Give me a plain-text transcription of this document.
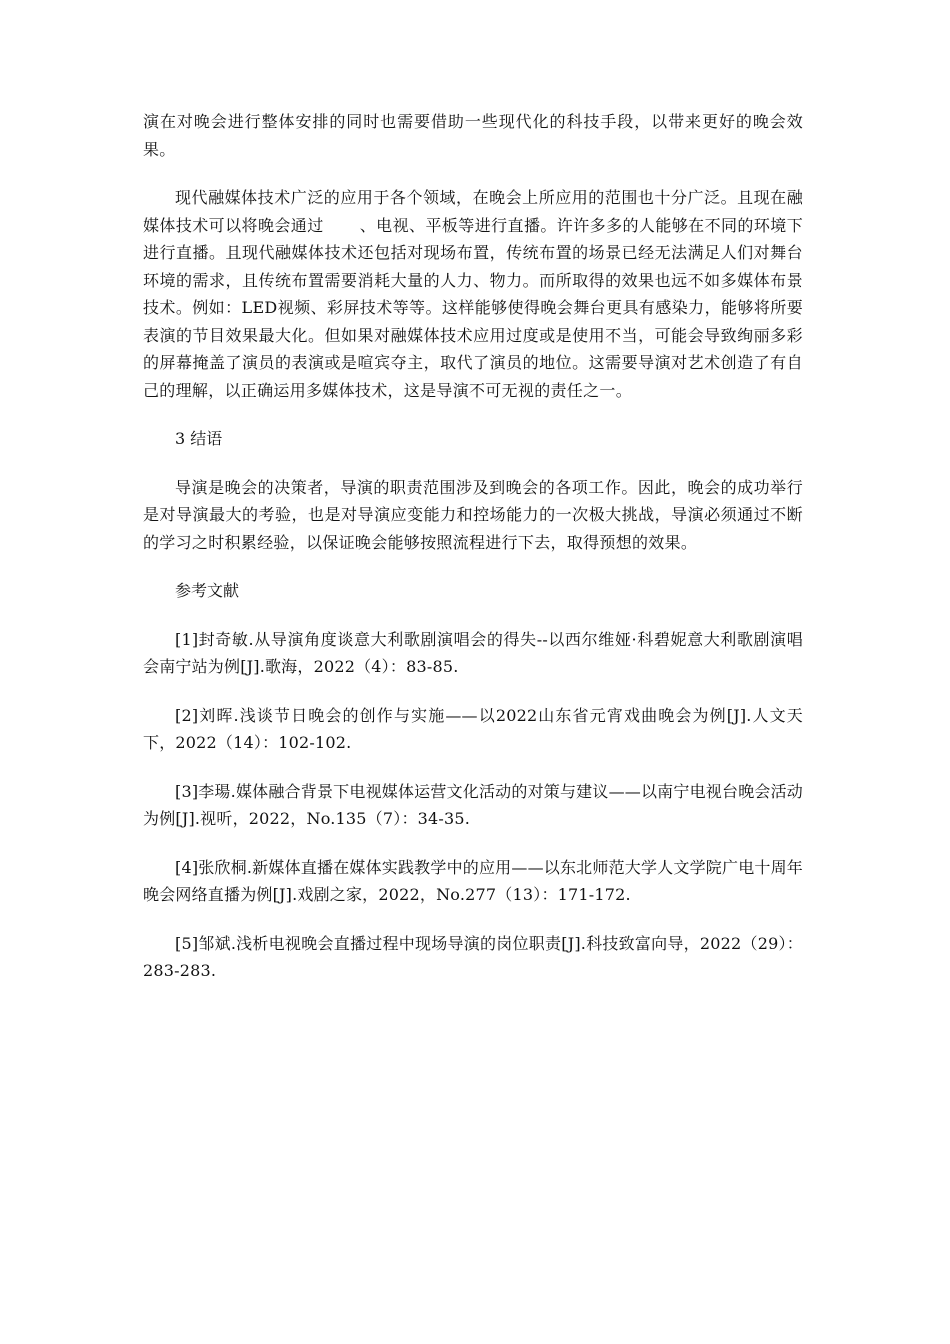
演在对晚会进行整体安排的同时也需要借助一些现代化的科技手段，以带来更好的晚会效果。

现代融媒体技术广泛的应用于各个领域，在晚会上所应用的范围也十分广泛。且现在融媒体技术可以将晚会通过 、电视、平板等进行直播。许许多多的人能够在不同的环境下进行直播。且现代融媒体技术还包括对现场布置，传统布置的场景已经无法满足人们对舞台环境的需求，且传统布置需要消耗大量的人力、物力。而所取得的效果也远不如多媒体布景技术。例如：LED视频、彩屏技术等等。这样能够使得晚会舞台更具有感染力，能够将所要表演的节目效果最大化。但如果对融媒体技术应用过度或是使用不当，可能会导致绚丽多彩的屏幕掩盖了演员的表演或是喧宾夺主，取代了演员的地位。这需要导演对艺术创造了有自己的理解，以正确运用多媒体技术，这是导演不可无视的责任之一。

3 结语

导演是晚会的决策者，导演的职责范围涉及到晚会的各项工作。因此，晚会的成功举行是对导演最大的考验，也是对导演应变能力和控场能力的一次极大挑战，导演必须通过不断的学习之时积累经验，以保证晚会能够按照流程进行下去，取得预想的效果。

参考文献

[1]封奇敏.从导演角度谈意大利歌剧演唱会的得失--以西尔维娅·科碧妮意大利歌剧演唱会南宁站为例[J].歌海，2022（4）：83-85.

[2]刘晖.浅谈节日晚会的创作与实施——以2022山东省元宵戏曲晚会为例[J].人文天下，2022（14）：102-102.

[3]李瑒.媒体融合背景下电视媒体运营文化活动的对策与建议——以南宁电视台晚会活动为例[J].视听，2022，No.135（7）：34-35.

[4]张欣桐.新媒体直播在媒体实践教学中的应用——以东北师范大学人文学院广电十周年晚会网络直播为例[J].戏剧之家，2022，No.277（13）：171-172.

[5]邹斌.浅析电视晚会直播过程中现场导演的岗位职责[J].科技致富向导，2022（29）：283-283.
